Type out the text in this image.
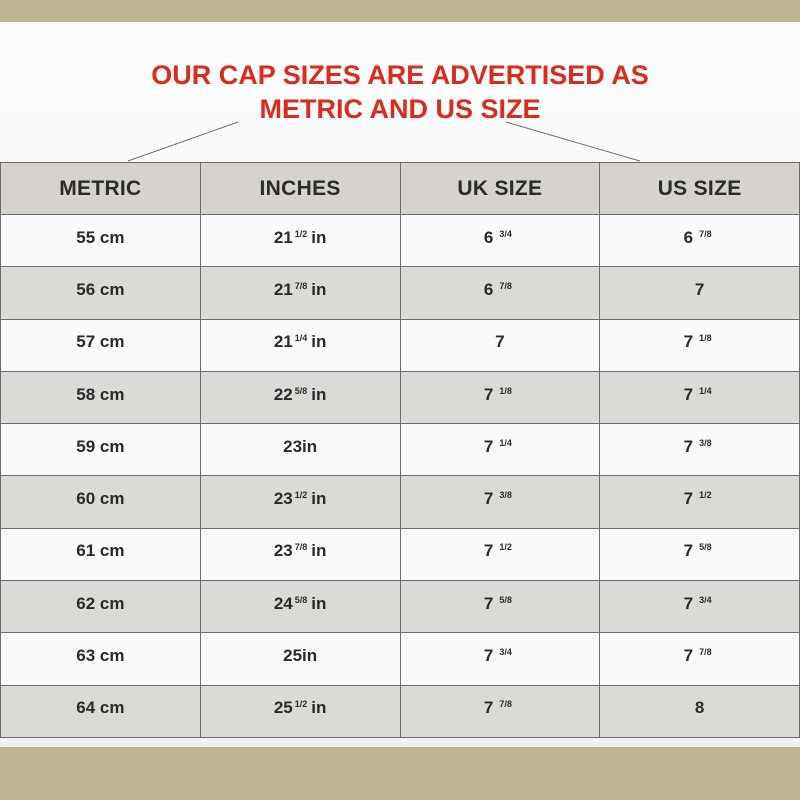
OUR CAP SIZES ARE ADVERTISED AS
METRIC AND US SIZE
METRIC	INCHES	UK SIZE	US SIZE
55 cm	21 $^{1/2}$ in	6 $^{3/4}$	6 $^{7/8}$
56 cm	21 $^{7/8}$ in	6 $^{7/8}$	7
57 cm	21 $^{1/4}$ in	7	7 $^{1/8}$
58 cm	22 $^{5/8}$ in	7 $^{1/8}$	7 $^{1/4}$
59 cm	23in	7 $^{1/4}$	7 $^{3/8}$
60 cm	23 $^{1/2}$ in	7 $^{3/8}$	7 $^{1/2}$
61 cm	23 $^{7/8}$ in	7 $^{1/2}$	7 $^{5/8}$
62 cm	24 $^{5/8}$ in	7 $^{5/8}$	7 $^{3/4}$
63 cm	25in	7 $^{3/4}$	7 $^{7/8}$
64 cm	25 $^{1/2}$ in	7 $^{7/8}$	8
